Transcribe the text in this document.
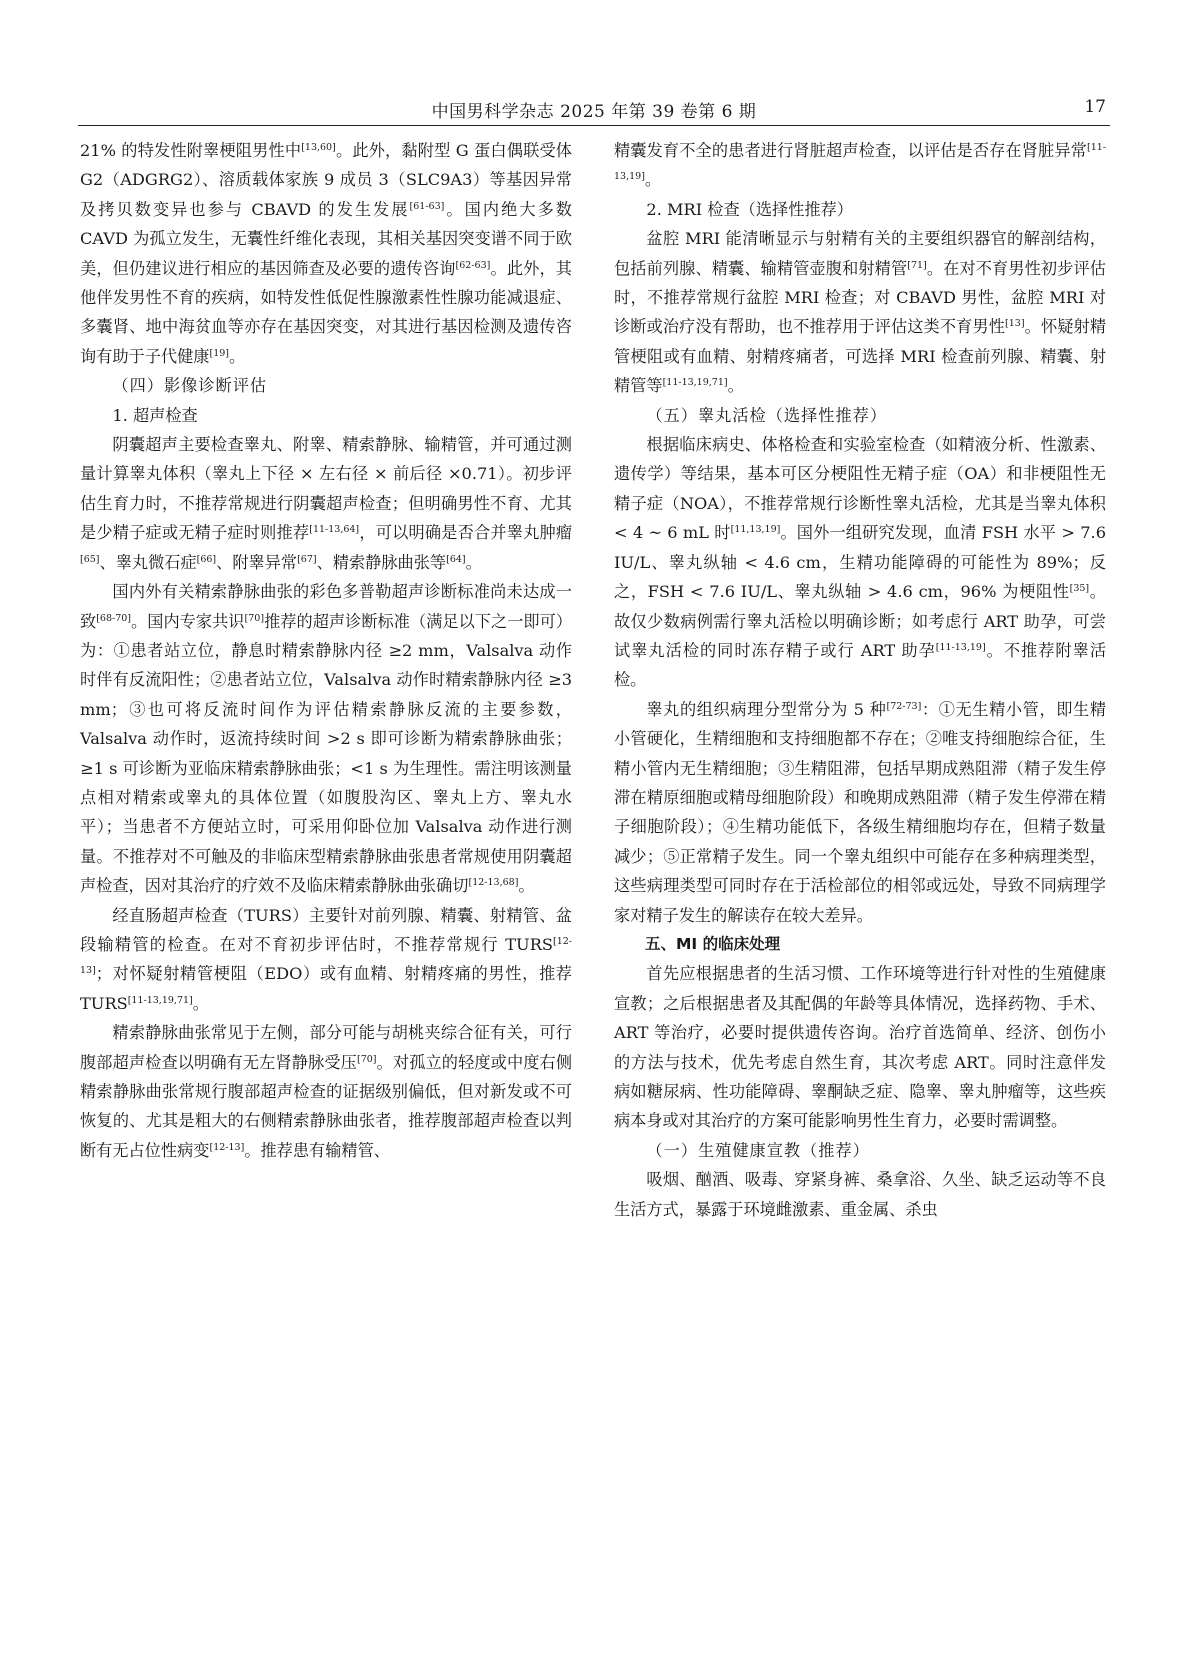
中国男科学杂志 2025 年第 39 卷第 6 期	17

21% 的特发性附睾梗阻男性中[13,60]。此外，黏附型 G 蛋白偶联受体 G2（ADGRG2）、溶质载体家族 9 成员 3（SLC9A3）等基因异常及拷贝数变异也参与 CBAVD 的发生发展[61-63]。国内绝大多数 CAVD 为孤立发生，无囊性纤维化表现，其相关基因突变谱不同于欧美，但仍建议进行相应的基因筛查及必要的遗传咨询[62-63]。此外，其他伴发男性不育的疾病，如特发性低促性腺激素性性腺功能减退症、多囊肾、地中海贫血等亦存在基因突变，对其进行基因检测及遗传咨询有助于子代健康[19]。

（四）影像诊断评估

1. 超声检查

阴囊超声主要检查睾丸、附睾、精索静脉、输精管，并可通过测量计算睾丸体积（睾丸上下径 × 左右径 × 前后径 ×0.71）。初步评估生育力时，不推荐常规进行阴囊超声检查；但明确男性不育、尤其是少精子症或无精子症时则推荐[11-13,64]，可以明确是否合并睾丸肿瘤[65]、睾丸微石症[66]、附睾异常[67]、精索静脉曲张等[64]。

国内外有关精索静脉曲张的彩色多普勒超声诊断标准尚未达成一致[68-70]。国内专家共识[70]推荐的超声诊断标准（满足以下之一即可）为：①患者站立位，静息时精索静脉内径 ≥2 mm，Valsalva 动作时伴有反流阳性；②患者站立位，Valsalva 动作时精索静脉内径 ≥3 mm；③也可将反流时间作为评估精索静脉反流的主要参数，Valsalva 动作时，返流持续时间 >2 s 即可诊断为精索静脉曲张；≥1 s 可诊断为亚临床精索静脉曲张；<1 s 为生理性。需注明该测量点相对精索或睾丸的具体位置（如腹股沟区、睾丸上方、睾丸水平）；当患者不方便站立时，可采用仰卧位加 Valsalva 动作进行测量。不推荐对不可触及的非临床型精索静脉曲张患者常规使用阴囊超声检查，因对其治疗的疗效不及临床精索静脉曲张确切[12-13,68]。

经直肠超声检查（TURS）主要针对前列腺、精囊、射精管、盆段输精管的检查。在对不育初步评估时，不推荐常规行 TURS[12-13]；对怀疑射精管梗阻（EDO）或有血精、射精疼痛的男性，推荐 TURS[11-13,19,71]。

精索静脉曲张常见于左侧，部分可能与胡桃夹综合征有关，可行腹部超声检查以明确有无左肾静脉受压[70]。对孤立的轻度或中度右侧精索静脉曲张常规行腹部超声检查的证据级别偏低，但对新发或不可恢复的、尤其是粗大的右侧精索静脉曲张者，推荐腹部超声检查以判断有无占位性病变[12-13]。推荐患有输精管、

精囊发育不全的患者进行肾脏超声检查，以评估是否存在肾脏异常[11-13,19]。

2. MRI 检查（选择性推荐）

盆腔 MRI 能清晰显示与射精有关的主要组织器官的解剖结构，包括前列腺、精囊、输精管壶腹和射精管[71]。在对不育男性初步评估时，不推荐常规行盆腔 MRI 检查；对 CBAVD 男性，盆腔 MRI 对诊断或治疗没有帮助，也不推荐用于评估这类不育男性[13]。怀疑射精管梗阻或有血精、射精疼痛者，可选择 MRI 检查前列腺、精囊、射精管等[11-13,19,71]。

（五）睾丸活检（选择性推荐）

根据临床病史、体格检查和实验室检查（如精液分析、性激素、遗传学）等结果，基本可区分梗阻性无精子症（OA）和非梗阻性无精子症（NOA），不推荐常规行诊断性睾丸活检，尤其是当睾丸体积 < 4 ~ 6 mL 时[11,13,19]。国外一组研究发现，血清 FSH 水平 > 7.6 IU/L、睾丸纵轴 < 4.6 cm，生精功能障碍的可能性为 89%；反之，FSH < 7.6 IU/L、睾丸纵轴 > 4.6 cm，96% 为梗阻性[35]。故仅少数病例需行睾丸活检以明确诊断；如考虑行 ART 助孕，可尝试睾丸活检的同时冻存精子或行 ART 助孕[11-13,19]。不推荐附睾活检。

睾丸的组织病理分型常分为 5 种[72-73]：①无生精小管，即生精小管硬化，生精细胞和支持细胞都不存在；②唯支持细胞综合征，生精小管内无生精细胞；③生精阻滞，包括早期成熟阻滞（精子发生停滞在精原细胞或精母细胞阶段）和晚期成熟阻滞（精子发生停滞在精子细胞阶段）；④生精功能低下，各级生精细胞均存在，但精子数量减少；⑤正常精子发生。同一个睾丸组织中可能存在多种病理类型，这些病理类型可同时存在于活检部位的相邻或远处，导致不同病理学家对精子发生的解读存在较大差异。

五、MI 的临床处理

首先应根据患者的生活习惯、工作环境等进行针对性的生殖健康宣教；之后根据患者及其配偶的年龄等具体情况，选择药物、手术、ART 等治疗，必要时提供遗传咨询。治疗首选简单、经济、创伤小的方法与技术，优先考虑自然生育，其次考虑 ART。同时注意伴发病如糖尿病、性功能障碍、睾酮缺乏症、隐睾、睾丸肿瘤等，这些疾病本身或对其治疗的方案可能影响男性生育力，必要时需调整。

（一）生殖健康宣教（推荐）

吸烟、酗酒、吸毒、穿紧身裤、桑拿浴、久坐、缺乏运动等不良生活方式，暴露于环境雌激素、重金属、杀虫
